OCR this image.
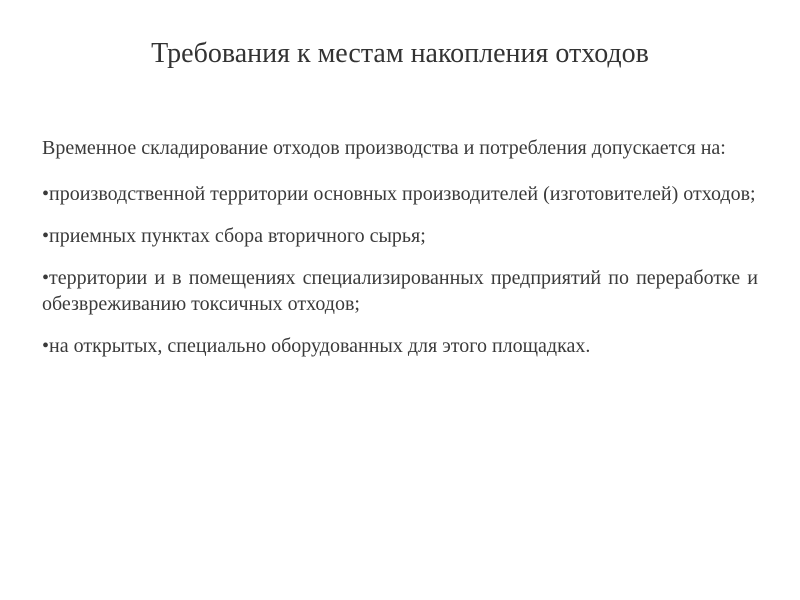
Требования к местам накопления отходов

Временное складирование отходов производства и потребления допускается на:

•производственной территории основных производителей (изготовителей) отходов;
•приемных пунктах сбора вторичного сырья;
•территории и в помещениях специализированных предприятий по переработке и обезвреживанию токсичных отходов;
•на открытых, специально оборудованных для этого площадках.
